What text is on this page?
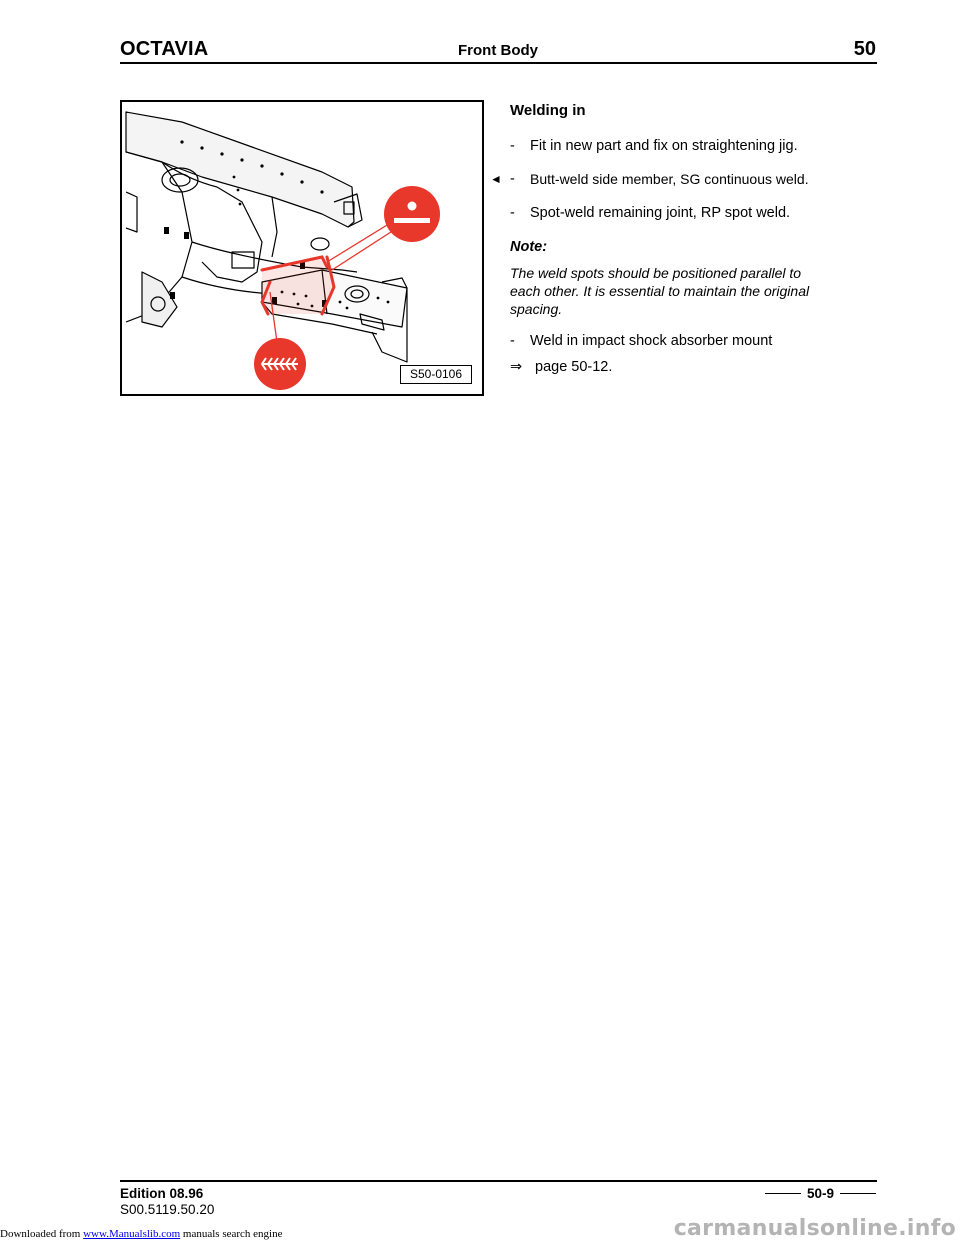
OCTAVIA	Front Body	50
S50-0106
Welding in
- Fit in new part and fix on straightening jig.
◄ - Butt-weld side member, SG continuous weld.
- Spot-weld remaining joint, RP spot weld.
Note:
The weld spots should be positioned parallel to each other. It is essential to maintain the original spacing.
- Weld in impact shock absorber mount
⇒ page 50-12.
Edition 08.96
S00.5119.50.20
50-9
Downloaded from www.Manualslib.com manuals search engine	carmanualsonline.info
